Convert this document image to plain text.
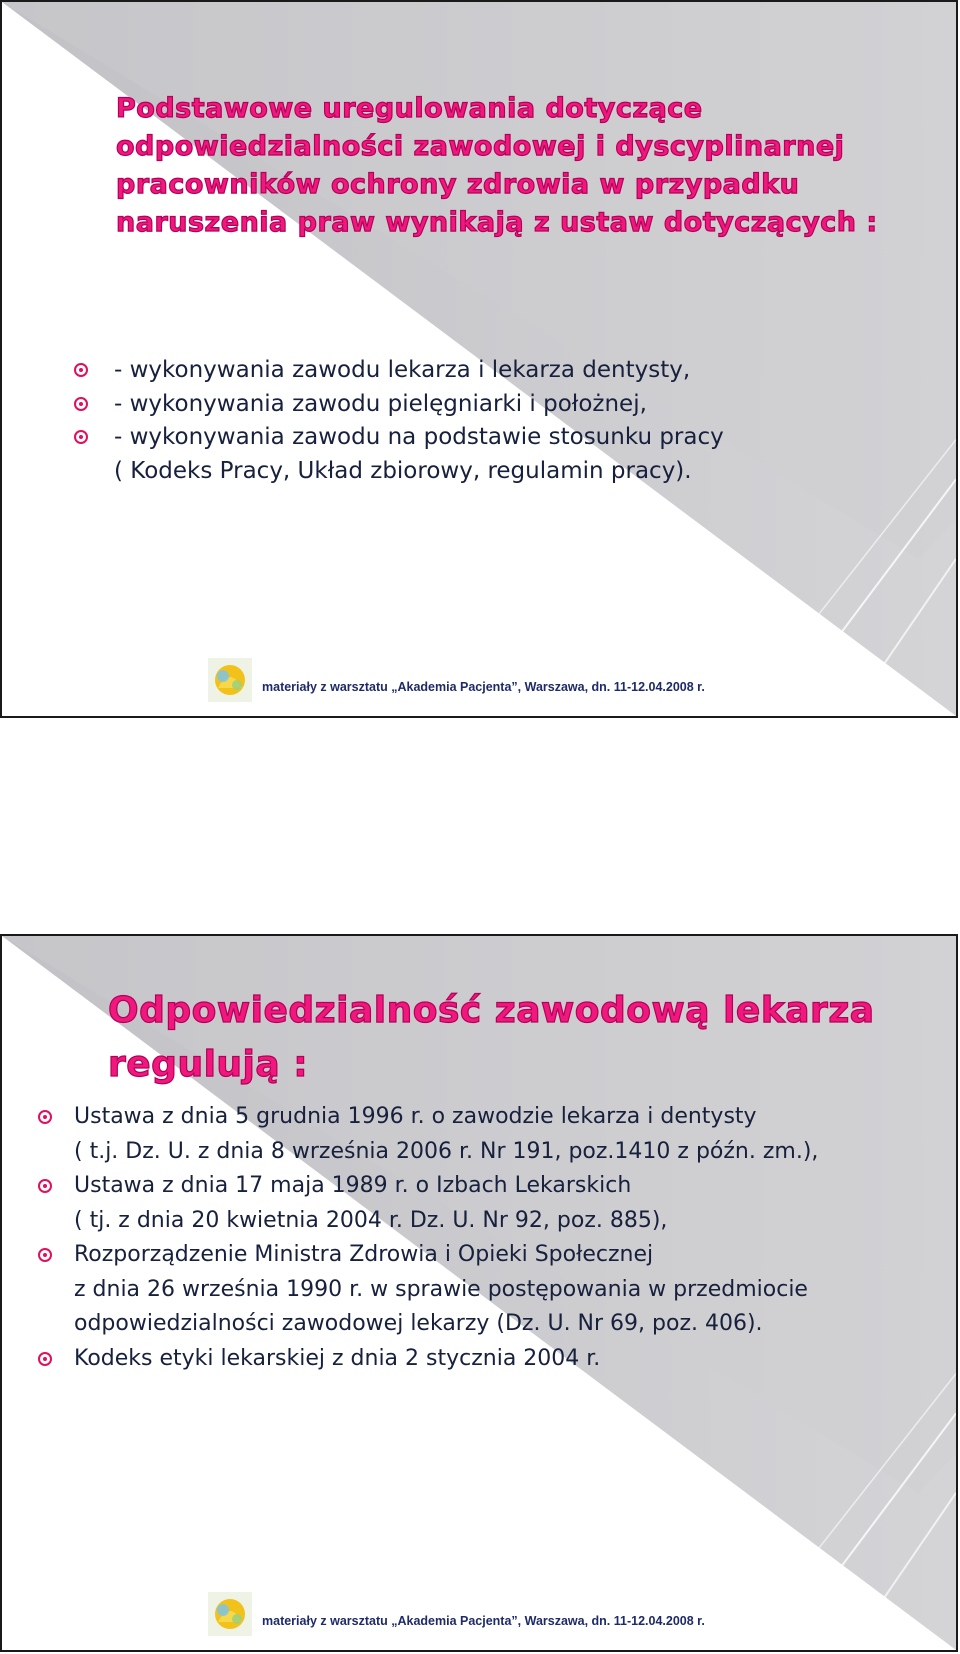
Podstawowe uregulowania dotyczące
odpowiedzialności zawodowej i dyscyplinarnej
pracowników ochrony zdrowia w przypadku
naruszenia praw wynikają z ustaw dotyczących :
- wykonywania zawodu lekarza i lekarza dentysty,
- wykonywania zawodu pielęgniarki i położnej,
- wykonywania zawodu na podstawie stosunku pracy
( Kodeks Pracy, Układ zbiorowy, regulamin pracy).
materiały z warsztatu „Akademia Pacjenta”, Warszawa, dn. 11-12.04.2008 r.
Odpowiedzialność zawodową lekarza
regulują :
Ustawa z dnia 5 grudnia 1996 r. o zawodzie lekarza i dentysty
( t.j. Dz. U. z dnia 8 września 2006 r. Nr 191, poz.1410 z późn. zm.),
Ustawa z dnia 17 maja 1989 r. o Izbach Lekarskich
( tj. z dnia 20 kwietnia 2004 r. Dz. U. Nr 92, poz. 885),
Rozporządzenie Ministra Zdrowia i Opieki Społecznej
z dnia 26 września 1990 r. w sprawie postępowania w przedmiocie
odpowiedzialności zawodowej lekarzy (Dz. U. Nr 69, poz. 406).
Kodeks etyki lekarskiej z dnia 2 stycznia 2004 r.
materiały z warsztatu „Akademia Pacjenta”, Warszawa, dn. 11-12.04.2008 r.
